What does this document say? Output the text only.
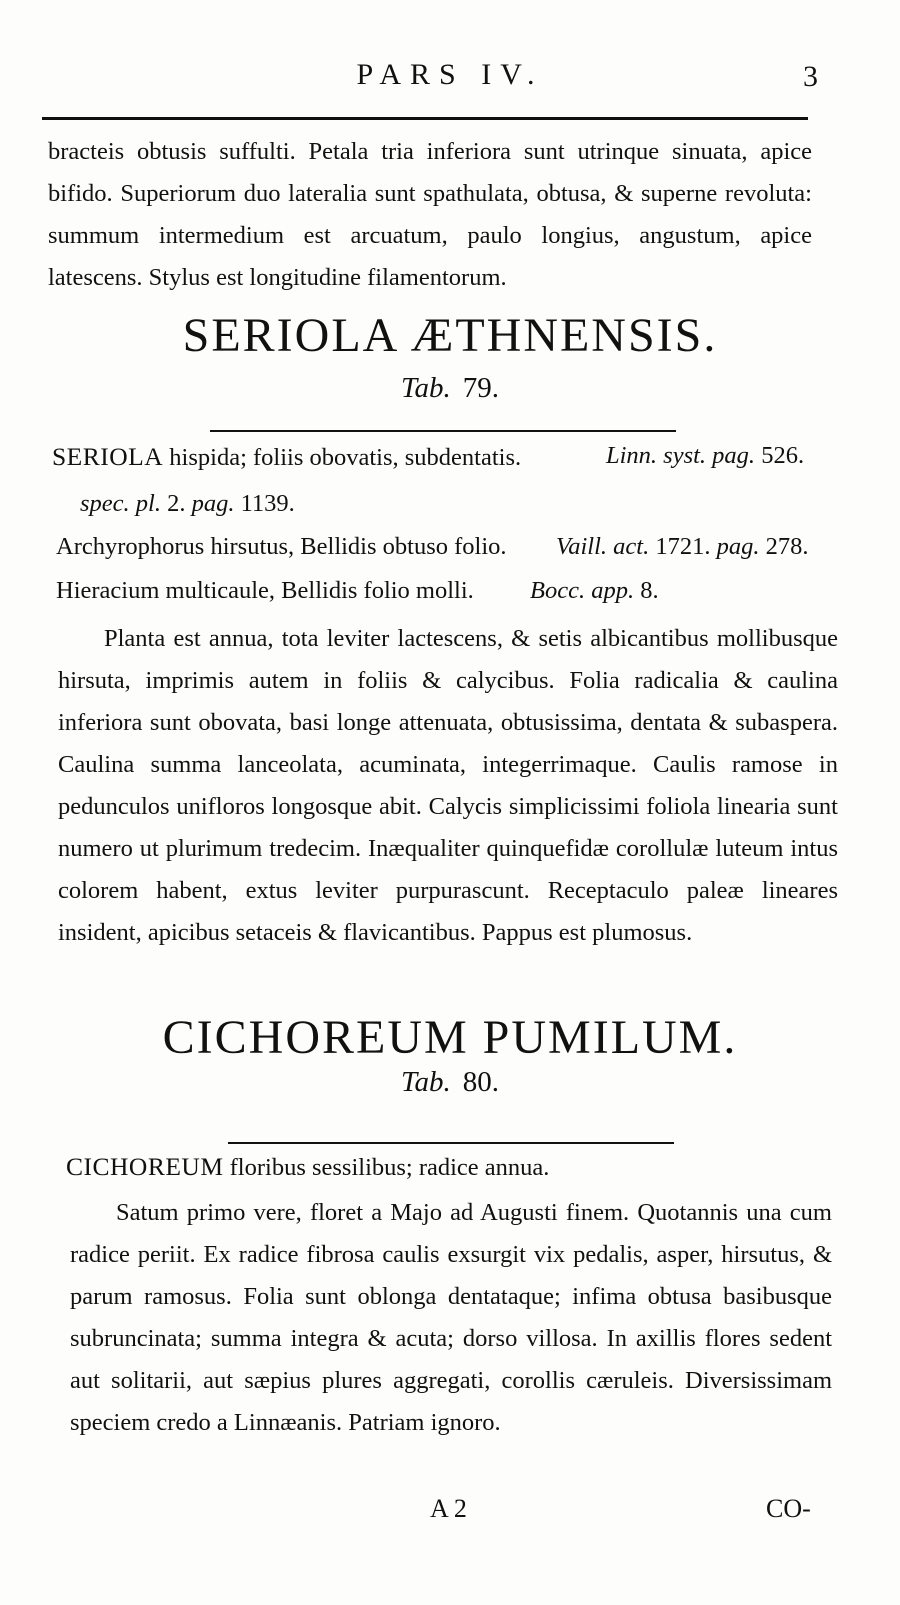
PARS IV.	3
bracteis obtusis suffulti. Petala tria inferiora sunt utrinque sinuata, apice bifido. Superiorum duo lateralia sunt spathulata, obtusa, & superne revoluta: summum intermedium est arcuatum, paulo longius, angustum, apice latescens. Stylus est longitudine filamentorum.
SERIOLA ÆTHNENSIS.
Tab. 79.
SERIOLA hispida; foliis obovatis, subdentatis.	Linn. syst. pag. 526.
spec. pl. 2. pag. 1139.
Archyrophorus hirsutus, Bellidis obtuso folio. Vaill. act. 1721. pag. 278.
Hieracium multicaule, Bellidis folio molli. Bocc. app. 8.
Planta est annua, tota leviter lactescens, & setis albicantibus mollibusque hirsuta, imprimis autem in foliis & calycibus. Folia radicalia & caulina inferiora sunt obovata, basi longe attenuata, obtusissima, dentata & subaspera. Caulina summa lanceolata, acuminata, integerrimaque. Caulis ramose in pedunculos unifloros longosque abit. Calycis simplicissimi foliola linearia sunt numero ut plurimum tredecim. Inæqualiter quinquefidæ corollulæ luteum intus colorem habent, extus leviter purpurascunt. Receptaculo paleæ lineares insident, apicibus setaceis & flavicantibus. Pappus est plumosus.
CICHOREUM PUMILUM.
Tab. 80.
CICHOREUM floribus sessilibus; radice annua.
Satum primo vere, floret a Majo ad Augusti finem. Quotannis una cum radice periit. Ex radice fibrosa caulis exsurgit vix pedalis, asper, hirsutus, & parum ramosus. Folia sunt oblonga dentataque; infima obtusa basibusque subruncinata; summa integra & acuta; dorso villosa. In axillis flores sedent aut solitarii, aut sæpius plures aggregati, corollis cæruleis. Diversissimam speciem credo a Linnæanis. Patriam ignoro.
A 2	CO-
